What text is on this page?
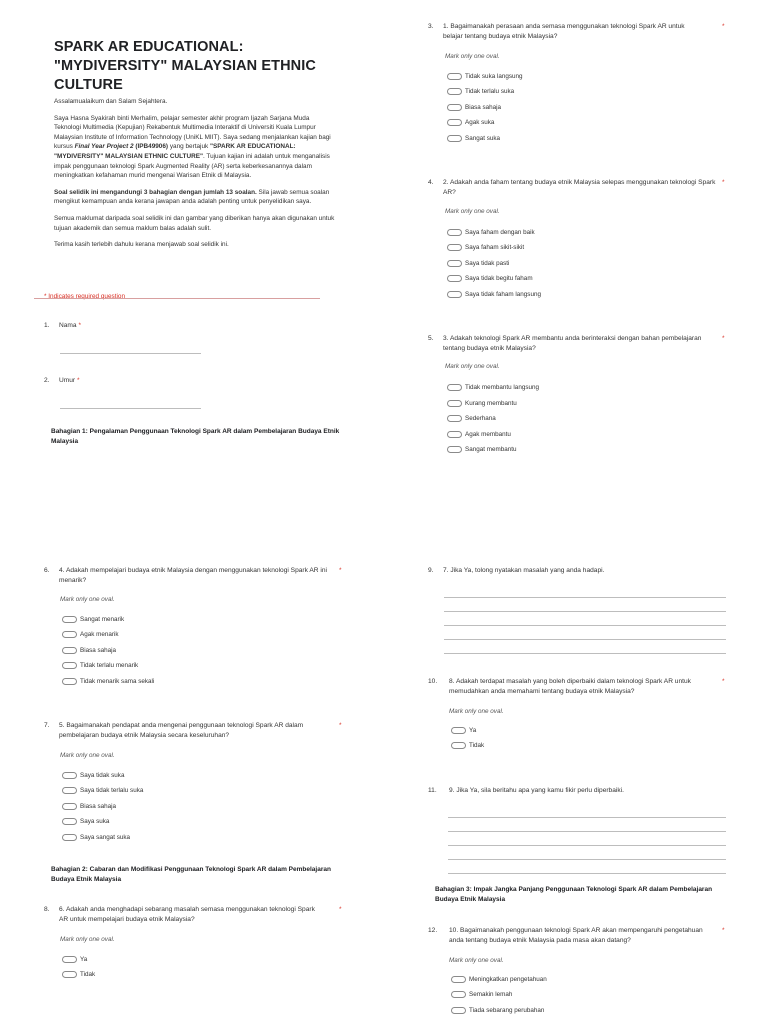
SPARK AR EDUCATIONAL: "MYDIVERSITY" MALAYSIAN ETHNIC CULTURE

Assalamualaikum dan Salam Sejahtera.

Saya Hasna Syakirah binti Merhalim, pelajar semester akhir program Ijazah Sarjana Muda Teknologi Multimedia (Kepujian) Rekabentuk Multimedia Interaktif di Universiti Kuala Lumpur Malaysian Institute of Information Technology (UniKL MIIT). Saya sedang menjalankan kajian bagi kursus Final Year Project 2 (IPB49906) yang bertajuk "SPARK AR EDUCATIONAL: "MYDIVERSITY" MALAYSIAN ETHNIC CULTURE". Tujuan kajian ini adalah untuk menganalisis impak penggunaan teknologi Spark Augmented Reality (AR) serta keberkesanannya dalam meningkatkan kefahaman murid mengenai Warisan Etnik di Malaysia.

Soal selidik ini mengandungi 3 bahagian dengan jumlah 13 soalan. Sila jawab semua soalan mengikut kemampuan anda kerana jawapan anda adalah penting untuk penyelidikan saya.

Semua maklumat daripada soal selidik ini dan gambar yang diberikan hanya akan digunakan untuk tujuan akademik dan semua maklum balas adalah sulit.

Terima kasih terlebih dahulu kerana menjawab soal selidik ini.

* Indicates required question
1. Nama *
2. Umur *
Bahagian 1: Pengalaman Penggunaan Teknologi Spark AR dalam Pembelajaran Budaya Etnik Malaysia
3. 1. Bagaimanakah perasaan anda semasa menggunakan teknologi Spark AR untuk belajar tentang budaya etnik Malaysia?
*
Mark only one oval.
Tidak suka langsung
Tidak terlalu suka
Biasa sahaja
Agak suka
Sangat suka
4. 2. Adakah anda faham tentang budaya etnik Malaysia selepas menggunakan teknologi Spark AR?
*
Mark only one oval.
Saya faham dengan baik
Saya faham sikit-sikit
Saya tidak pasti
Saya tidak begitu faham
Saya tidak faham langsung
5. 3. Adakah teknologi Spark AR membantu anda berinteraksi dengan bahan pembelajaran tentang budaya etnik Malaysia?
*
Mark only one oval.
Tidak membantu langsung
Kurang membantu
Sederhana
Agak membantu
Sangat membantu
6. 4. Adakah mempelajari budaya etnik Malaysia dengan menggunakan teknologi Spark AR ini menarik?
*
Mark only one oval.
Sangat menarik
Agak menarik
Biasa sahaja
Tidak terlalu menarik
Tidak menarik sama sekali
7. 5. Bagaimanakah pendapat anda mengenai penggunaan teknologi Spark AR dalam pembelajaran budaya etnik Malaysia secara keseluruhan?
*
Mark only one oval.
Saya tidak suka
Saya tidak terlalu suka
Biasa sahaja
Saya suka
Saya sangat suka
Bahagian 2: Cabaran dan Modifikasi Penggunaan Teknologi Spark AR dalam Pembelajaran Budaya Etnik Malaysia
8. 6. Adakah anda menghadapi sebarang masalah semasa menggunakan teknologi Spark AR untuk mempelajari budaya etnik Malaysia?
*
Mark only one oval.
Ya
Tidak
9. 7. Jika Ya, tolong nyatakan masalah yang anda hadapi.
10. 8. Adakah terdapat masalah yang boleh diperbaiki dalam teknologi Spark AR untuk memudahkan anda memahami tentang budaya etnik Malaysia?
*
Mark only one oval.
Ya
Tidak
11. 9. Jika Ya, sila beritahu apa yang kamu fikir perlu diperbaiki.
Bahagian 3: Impak Jangka Panjang Penggunaan Teknologi Spark AR dalam Pembelajaran Budaya Etnik Malaysia
12. 10. Bagaimanakah penggunaan teknologi Spark AR akan mempengaruhi pengetahuan anda tentang budaya etnik Malaysia pada masa akan datang?
*
Mark only one oval.
Meningkatkan pengetahuan
Semakin lemah
Tiada sebarang perubahan
